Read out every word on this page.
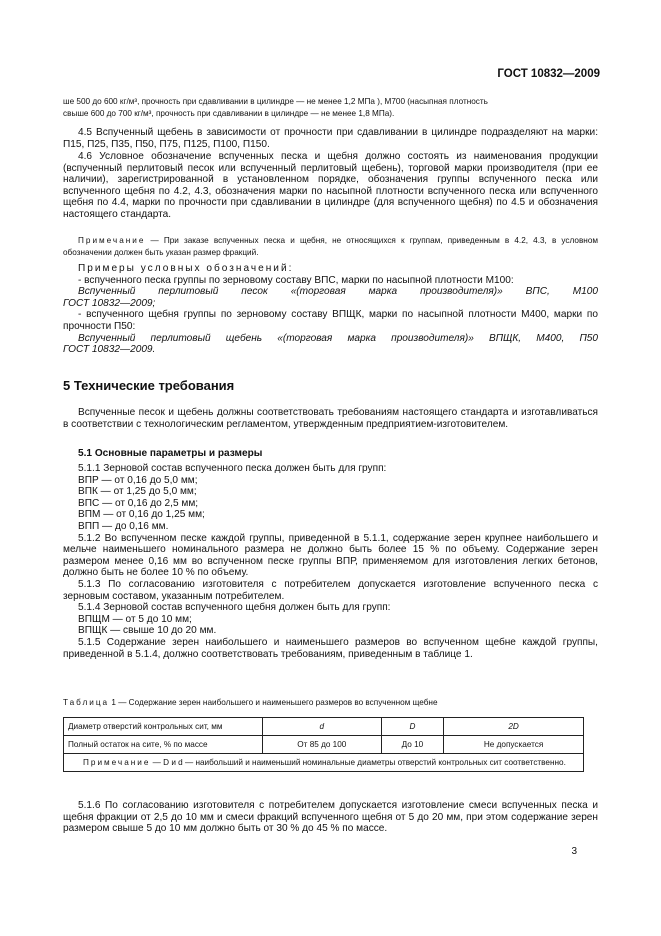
ГОСТ 10832—2009

ше 500 до 600 кг/м³, прочность при сдавливании в цилиндре — не менее 1,2 МПа ), М700 (насыпная плотность

свыше 600 до 700 кг/м³, прочность при сдавливании в цилиндре — не менее 1,8 МПа).

4.5 Вспученный щебень в зависимости от прочности при сдавливании в цилиндре подразделяют на марки: П15, П25, П35, П50, П75, П125, П100, П150.

4.6 Условное обозначение вспученных песка и щебня должно состоять из наименования продукции (вспученный перлитовый песок или вспученный перлитовый щебень), торговой марки производителя (при ее наличии), зарегистрированной в установленном порядке, обозначения группы вспученного песка или вспученного щебня по 4.2, 4.3, обозначения марки по насыпной плотности вспученного песка или вспученного щебня по 4.4, марки по прочности при сдавливании в цилиндре (для вспученного щебня) по 4.5 и обозначения настоящего стандарта.

Примечание — При заказе вспученных песка и щебня, не относящихся к группам, приведенным в 4.2, 4.3, в условном обозначении должен быть указан размер фракций.

Примеры условных обозначений:

- вспученного песка группы по зерновому составу ВПС, марки по насыпной плотности М100:

Вспученный перлитовый песок «(торговая марка производителя)» ВПС, М100

ГОСТ 10832—2009;

- вспученного щебня группы по зерновому составу ВПЩК, марки по насыпной плотности М400, марки по прочности П50:

Вспученный перлитовый щебень «(торговая марка производителя)» ВПЩК, М400, П50

ГОСТ 10832—2009.

5 Технические требования

Вспученные песок и щебень должны соответствовать требованиям настоящего стандарта и изготавливаться в соответствии с технологическим регламентом, утвержденным предприятием-изготовителем.

5.1 Основные параметры и размеры

5.1.1 Зерновой состав вспученного песка должен быть для групп:

ВПР — от 0,16 до 5,0 мм;

ВПК — от 1,25 до 5,0 мм;

ВПС — от 0,16 до 2,5 мм;

ВПМ — от 0,16 до 1,25 мм;

ВПП — до 0,16 мм.

5.1.2 Во вспученном песке каждой группы, приведенной в 5.1.1, содержание зерен крупнее наибольшего и мельче наименьшего номинального размера не должно быть более 15 % по объему. Содержание зерен размером менее 0,16 мм во вспученном песке группы ВПР, применяемом для изготовления легких бетонов, должно быть не более 10 % по объему.

5.1.3 По согласованию изготовителя с потребителем допускается изготовление вспученного песка с зерновым составом, указанным потребителем.

5.1.4 Зерновой состав вспученного щебня должен быть для групп:

ВПЩМ — от 5 до 10 мм;

ВПЩК — свыше 10 до 20 мм.

5.1.5 Содержание зерен наибольшего и наименьшего размеров во вспученном щебне каждой группы, приведенной в 5.1.4, должно соответствовать требованиям, приведенным в таблице 1.

Таблица 1 — Содержание зерен наибольшего и наименьшего размеров во вспученном щебне
Диаметр отверстий контрольных сит, мм	d	D	2D
Полный остаток на сите, % по массе	От 85 до 100	До 10	Не допускается
Примечание — D и d — наибольший и наименьший номинальные диаметры отверстий контрольных сит соответственно.			

5.1.6 По согласованию изготовителя с потребителем допускается изготовление смеси вспученных песка и щебня фракции от 2,5 до 10 мм и смеси фракций вспученного щебня от 5 до 20 мм, при этом содержание зерен размером свыше 5 до 10 мм должно быть от 30 % до 45 % по массе.

3
